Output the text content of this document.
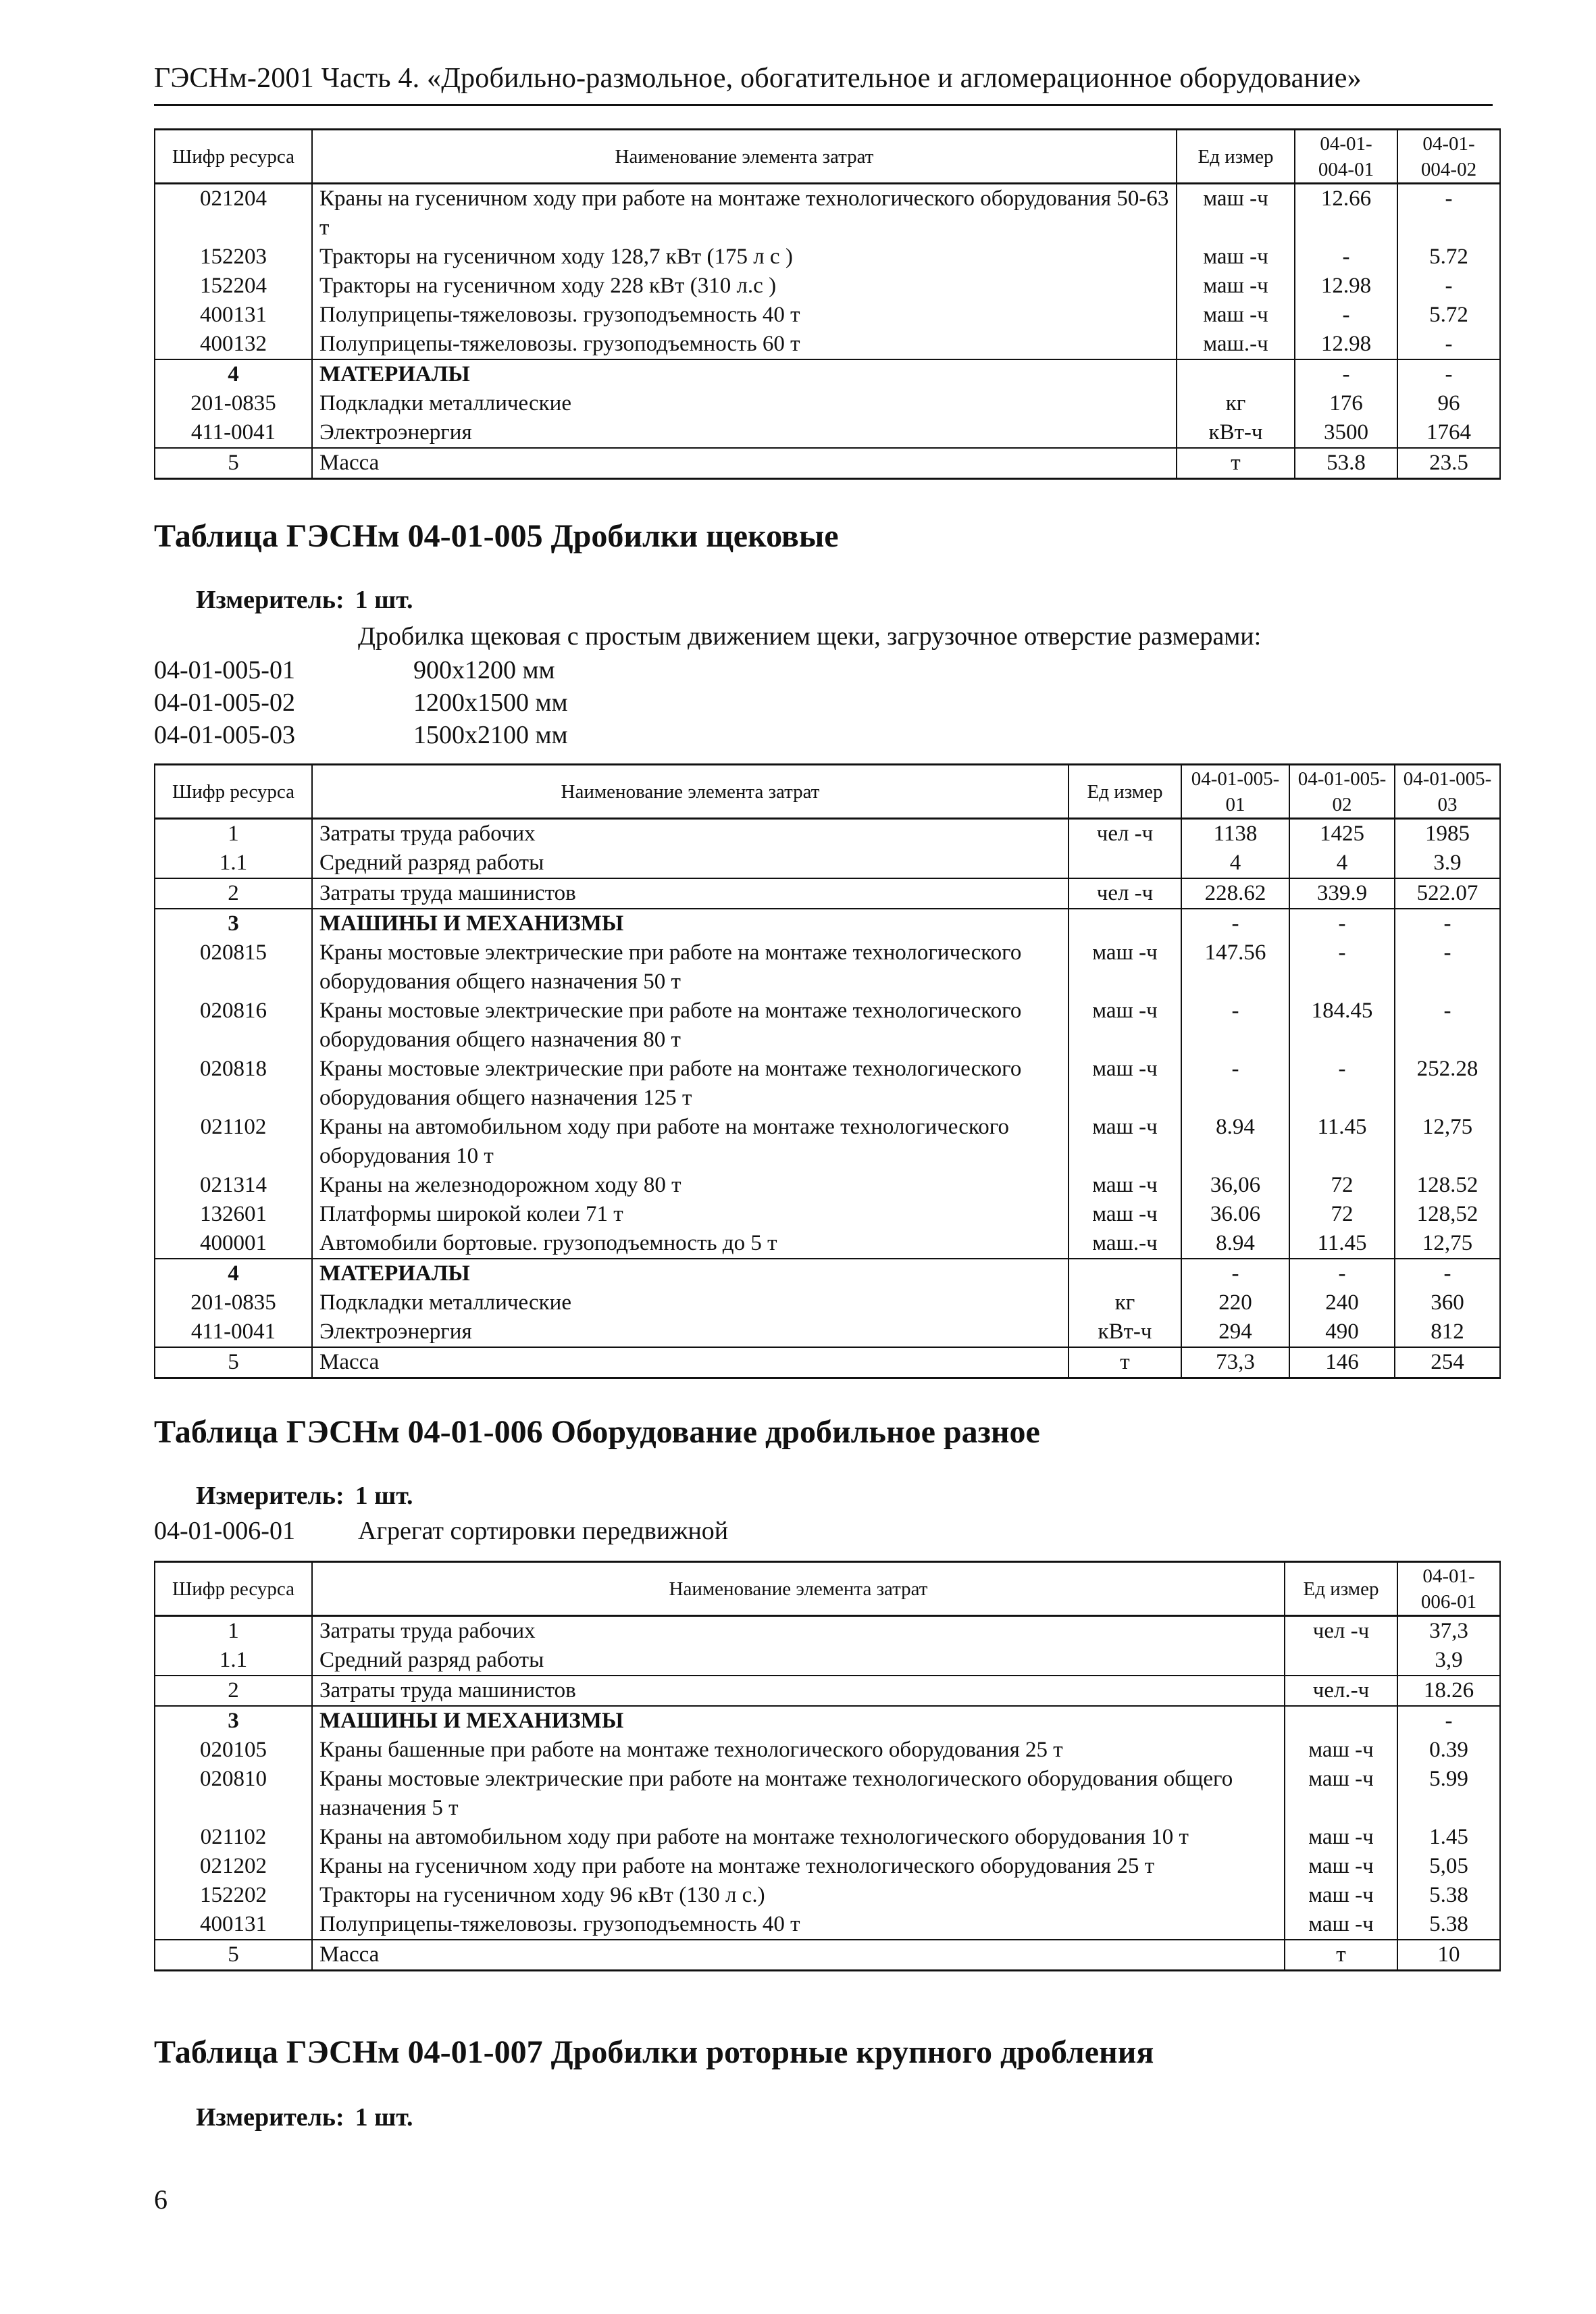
ГЭСНм-2001 Часть 4. «Дробильно-размольное, обогатительное и агломерационное оборудование»
Шифр ресурса	Наименование элемента затрат	Ед измер	04-01-004-01	04-01-004-02
021204	Краны на гусеничном ходу при работе на монтаже технологического оборудования 50-63 т	маш -ч	12.66	-
152203	Тракторы на гусеничном ходу 128,7 кВт (175 л с )	маш -ч	-	5.72
152204	Тракторы на гусеничном ходу 228 кВт (310 л.с )	маш -ч	12.98	-
400131	Полуприцепы-тяжеловозы. грузоподъемность 40 т	маш -ч	-	5.72
400132	Полуприцепы-тяжеловозы. грузоподъемность 60 т	маш.-ч	12.98	-
4	МАТЕРИАЛЫ		-	-
201-0835	Подкладки металлические	кг	176	96
411-0041	Электроэнергия	кВт-ч	3500	1764
5	Масса	т	53.8	23.5
Таблица ГЭСНм 04-01-005 Дробилки щековые
Измеритель: 1 шт.
Дробилка щековая с простым движением щеки, загрузочное отверстие размерами:
04-01-005-01	900х1200 мм
04-01-005-02	1200х1500 мм
04-01-005-03	1500х2100 мм
Шифр ресурса	Наименование элемента затрат	Ед измер	04-01-005-01	04-01-005-02	04-01-005-03
1	Затраты труда рабочих	чел -ч	1138	1425	1985
1.1	Средний разряд работы		4	4	3.9
2	Затраты труда машинистов	чел -ч	228.62	339.9	522.07
3	МАШИНЫ И МЕХАНИЗМЫ		-	-	-
020815	Краны мостовые электрические при работе на монтаже технологического оборудования общего назначения 50 т	маш -ч	147.56	-	-
020816	Краны мостовые электрические при работе на монтаже технологического оборудования общего назначения 80 т	маш -ч	-	184.45	-
020818	Краны мостовые электрические при работе на монтаже технологического оборудования общего назначения 125 т	маш -ч	-	-	252.28
021102	Краны на автомобильном ходу при работе на монтаже технологического оборудования 10 т	маш -ч	8.94	11.45	12,75
021314	Краны на железнодорожном ходу 80 т	маш -ч	36,06	72	128.52
132601	Платформы широкой колеи 71 т	маш -ч	36.06	72	128,52
400001	Автомобили бортовые. грузоподъемность до 5 т	маш.-ч	8.94	11.45	12,75
4	МАТЕРИАЛЫ		-	-	-
201-0835	Подкладки металлические	кг	220	240	360
411-0041	Электроэнергия	кВт-ч	294	490	812
5	Масса	т	73,3	146	254
Таблица ГЭСНм 04-01-006 Оборудование дробильное разное
Измеритель: 1 шт.
04-01-006-01 Агрегат сортировки передвижной
Шифр ресурса	Наименование элемента затрат	Ед измер	04-01-006-01
1	Затраты труда рабочих	чел -ч	37,3
1.1	Средний разряд работы		3,9
2	Затраты труда машинистов	чел.-ч	18.26
3	МАШИНЫ И МЕХАНИЗМЫ		-
020105	Краны башенные при работе на монтаже технологического оборудования 25 т	маш -ч	0.39
020810	Краны мостовые электрические при работе на монтаже технологического оборудования общего назначения 5 т	маш -ч	5.99
021102	Краны на автомобильном ходу при работе на монтаже технологического оборудования 10 т	маш -ч	1.45
021202	Краны на гусеничном ходу при работе на монтаже технологического оборудования 25 т	маш -ч	5,05
152202	Тракторы на гусеничном ходу 96 кВт (130 л с.)	маш -ч	5.38
400131	Полуприцепы-тяжеловозы. грузоподъемность 40 т	маш -ч	5.38
5	Масса	т	10
Таблица ГЭСНм 04-01-007 Дробилки роторные крупного дробления
Измеритель: 1 шт.
6
